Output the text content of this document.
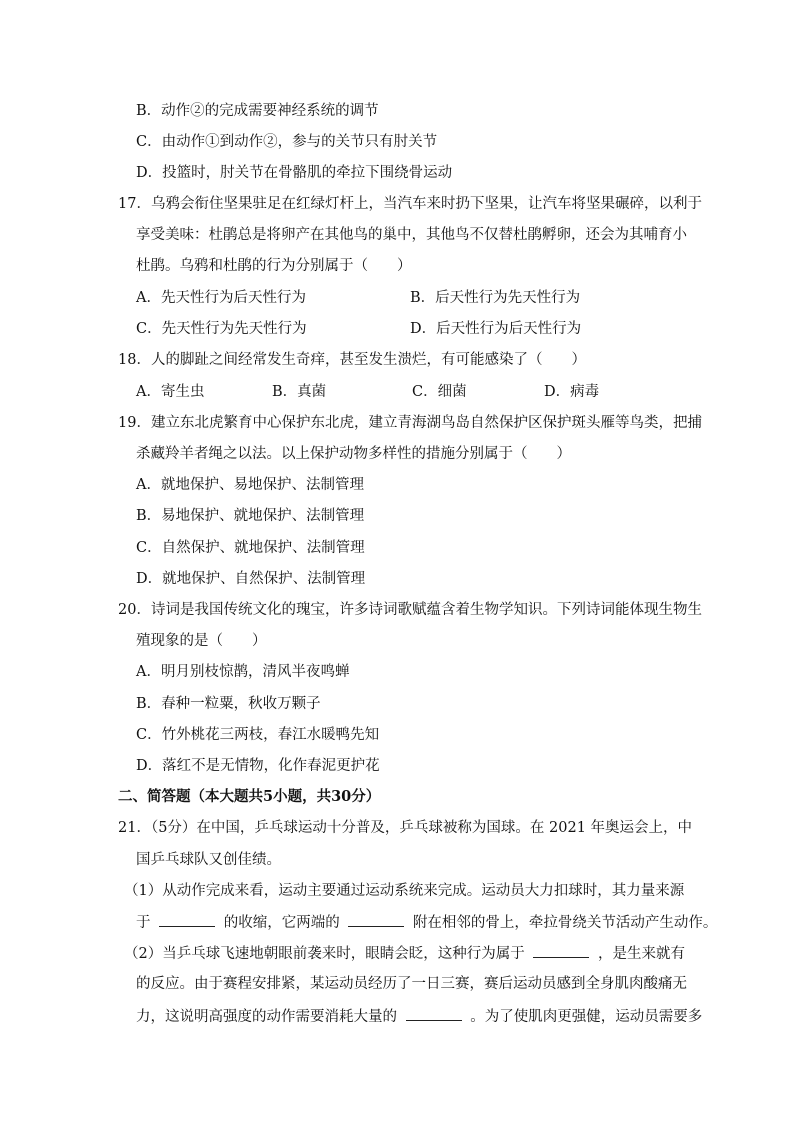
B．动作②的完成需要神经系统的调节
C．由动作①到动作②，参与的关节只有肘关节
D．投篮时，肘关节在骨骼肌的牵拉下围绕骨运动
17．乌鸦会衔住坚果驻足在红绿灯杆上，当汽车来时扔下坚果，让汽车将坚果碾碎，以利于
享受美味：杜鹃总是将卵产在其他鸟的巢中，其他鸟不仅替杜鹃孵卵，还会为其哺育小
杜鹃。乌鸦和杜鹃的行为分别属于（　　）
A．先天性行为后天性行为	B．后天性行为先天性行为
C．先天性行为先天性行为	D．后天性行为后天性行为
18．人的脚趾之间经常发生奇痒，甚至发生溃烂，有可能感染了（　　）
A．寄生虫	B．真菌	C．细菌	D．病毒
19．建立东北虎繁育中心保护东北虎，建立青海湖鸟岛自然保护区保护斑头雁等鸟类，把捕
杀藏羚羊者绳之以法。以上保护动物多样性的措施分别属于（　　）
A．就地保护、易地保护、法制管理
B．易地保护、就地保护、法制管理
C．自然保护、就地保护、法制管理
D．就地保护、自然保护、法制管理
20．诗词是我国传统文化的瑰宝，许多诗词歌赋蕴含着生物学知识。下列诗词能体现生物生
殖现象的是（　　）
A．明月别枝惊鹊，清风半夜鸣蝉
B．春种一粒粟，秋收万颗子
C．竹外桃花三两枝，春江水暖鸭先知
D．落红不是无情物，化作春泥更护花
二、简答题（本大题共5小题，共30分）
21．（5分）在中国，乒乓球运动十分普及，乒乓球被称为国球。在 2021 年奥运会上，中
国乒乓球队又创佳绩。
（1）从动作完成来看，运动主要通过运动系统来完成。运动员大力扣球时，其力量来源
于	的收缩，它两端的	附在相邻的骨上，牵拉骨绕关节活动产生动作。
（2）当乒乓球飞速地朝眼前袭来时，眼睛会眨，这种行为属于	，是生来就有
的反应。由于赛程安排紧，某运动员经历了一日三赛，赛后运动员感到全身肌肉酸痛无
力，这说明高强度的动作需要消耗大量的	。为了使肌肉更强健，运动员需要多
